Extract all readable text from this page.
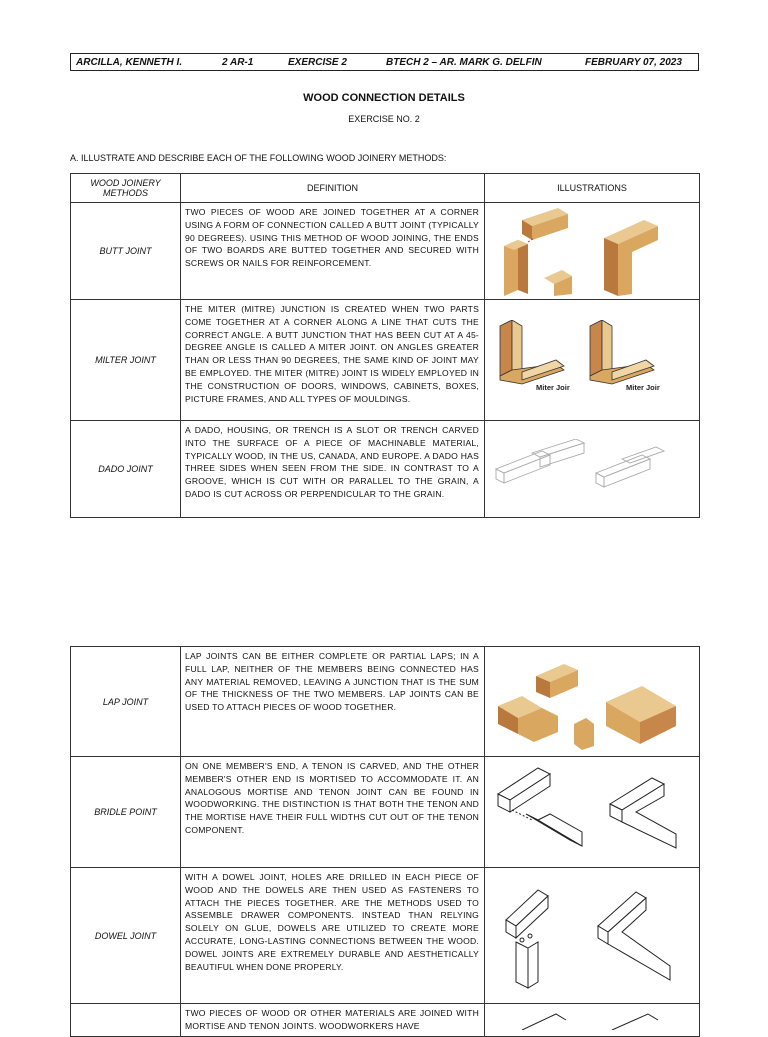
ARCILLA, KENNETH I.	2 AR-1	EXERCISE 2	BTECH 2 – AR. MARK G. DELFIN	FEBRUARY 07, 2023
WOOD CONNECTION DETAILS
EXERCISE NO. 2
A. ILLUSTRATE AND DESCRIBE EACH OF THE FOLLOWING WOOD JOINERY METHODS:
WOOD JOINERY METHODS	DEFINITION	ILLUSTRATIONS
BUTT JOINT	TWO PIECES OF WOOD ARE JOINED TOGETHER AT A CORNER USING A FORM OF CONNECTION CALLED A BUTT JOINT (TYPICALLY 90 DEGREES). USING THIS METHOD OF WOOD JOINING, THE ENDS OF TWO BOARDS ARE BUTTED TOGETHER AND SECURED WITH SCREWS OR NAILS FOR REINFORCEMENT.	

MILTER JOINT	THE MITER (MITRE) JUNCTION IS CREATED WHEN TWO PARTS COME TOGETHER AT A CORNER ALONG A LINE THAT CUTS THE CORRECT ANGLE. A BUTT JUNCTION THAT HAS BEEN CUT AT A 45-DEGREE ANGLE IS CALLED A MITER JOINT. ON ANGLES GREATER THAN OR LESS THAN 90 DEGREES, THE SAME KIND OF JOINT MAY BE EMPLOYED. THE MITER (MITRE) JOINT IS WIDELY EMPLOYED IN THE CONSTRUCTION OF DOORS, WINDOWS, CABINETS, BOXES, PICTURE FRAMES, AND ALL TYPES OF MOULDINGS.	Miter Joir Miter Joir

DADO JOINT	A DADO, HOUSING, OR TRENCH IS A SLOT OR TRENCH CARVED INTO THE SURFACE OF A PIECE OF MACHINABLE MATERIAL, TYPICALLY WOOD, IN THE US, CANADA, AND EUROPE. A DADO HAS THREE SIDES WHEN SEEN FROM THE SIDE. IN CONTRAST TO A GROOVE, WHICH IS CUT WITH OR PARALLEL TO THE GRAIN, A DADO IS CUT ACROSS OR PERPENDICULAR TO THE GRAIN.	
LAP JOINT	LAP JOINTS CAN BE EITHER COMPLETE OR PARTIAL LAPS; IN A FULL LAP, NEITHER OF THE MEMBERS BEING CONNECTED HAS ANY MATERIAL REMOVED, LEAVING A JUNCTION THAT IS THE SUM OF THE THICKNESS OF THE TWO MEMBERS. LAP JOINTS CAN BE USED TO ATTACH PIECES OF WOOD TOGETHER.	

BRIDLE POINT	ON ONE MEMBER'S END, A TENON IS CARVED, AND THE OTHER MEMBER'S OTHER END IS MORTISED TO ACCOMMODATE IT. AN ANALOGOUS MORTISE AND TENON JOINT CAN BE FOUND IN WOODWORKING. THE DISTINCTION IS THAT BOTH THE TENON AND THE MORTISE HAVE THEIR FULL WIDTHS CUT OUT OF THE TENON COMPONENT.	

DOWEL JOINT	WITH A DOWEL JOINT, HOLES ARE DRILLED IN EACH PIECE OF WOOD AND THE DOWELS ARE THEN USED AS FASTENERS TO ATTACH THE PIECES TOGETHER. ARE THE METHODS USED TO ASSEMBLE DRAWER COMPONENTS. INSTEAD THAN RELYING SOLELY ON GLUE, DOWELS ARE UTILIZED TO CREATE MORE ACCURATE, LONG-LASTING CONNECTIONS BETWEEN THE WOOD. DOWEL JOINTS ARE EXTREMELY DURABLE AND AESTHETICALLY BEAUTIFUL WHEN DONE PROPERLY.	

	TWO PIECES OF WOOD OR OTHER MATERIALS ARE JOINED WITH MORTISE AND TENON JOINTS. WOODWORKERS HAVE	
